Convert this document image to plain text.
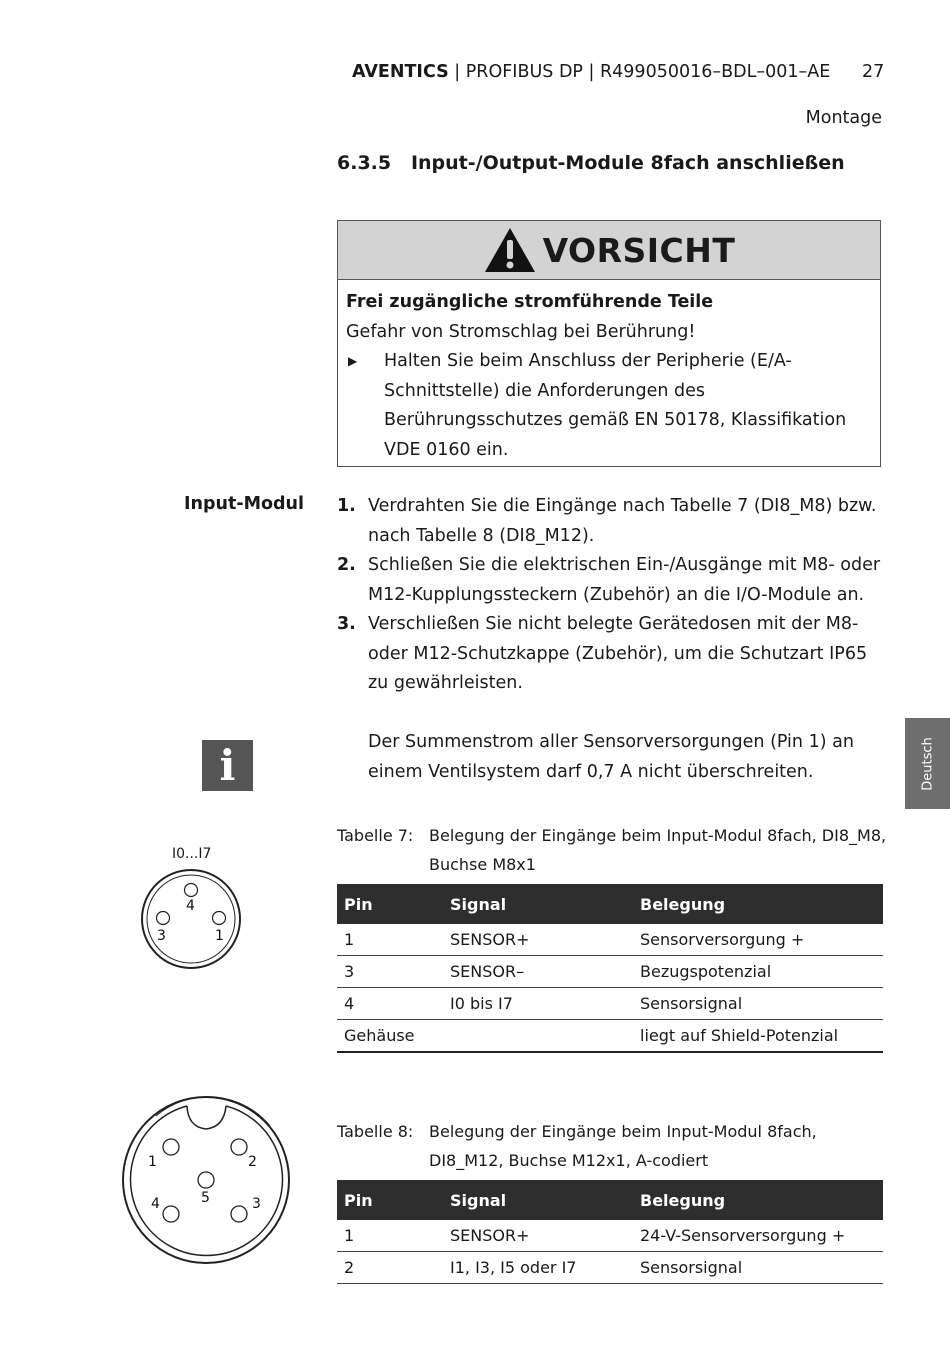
AVENTICS | PROFIBUS DP | R499050016–BDL–001–AE 27
Montage
6.3.5   Input-/Output-Module 8fach anschließen
VORSICHT
Frei zugängliche stromführende Teile
Gefahr von Stromschlag bei Berührung!
▶	Halten Sie beim Anschluss der Peripherie (E/A-Schnittstelle) die Anforderungen des Berührungsschutzes gemäß EN 50178, Klassifikation VDE 0160 ein.
Input-Modul 1. Verdrahten Sie die Eingänge nach Tabelle 7 (DI8_M8) bzw. nach Tabelle 8 (DI8_M12).
2. Schließen Sie die elektrischen Ein-/Ausgänge mit M8- oder M12-Kupplungssteckern (Zubehör) an die I/O-Module an.
3. Verschließen Sie nicht belegte Gerätedosen mit der M8- oder M12-Schutzkappe (Zubehör), um die Schutzart IP65 zu gewährleisten.
i	Der Summenstrom aller Sensorversorgungen (Pin 1) an einem Ventilsystem darf 0,7 A nicht überschreiten.	Deutsch
I0...I7
4
3	1
Tabelle 7: Belegung der Eingänge beim Input-Modul 8fach, DI8_M8, Buchse M8x1
Pin	Signal	Belegung
1	SENSOR+	Sensorversorgung +
3	SENSOR–	Bezugspotenzial
4	I0 bis I7	Sensorsignal
Gehäuse		liegt auf Shield-Potenzial
1	2
5
4	3
Tabelle 8: Belegung der Eingänge beim Input-Modul 8fach, DI8_M12, Buchse M12x1, A-codiert
Pin	Signal	Belegung
1	SENSOR+	24-V-Sensorversorgung +
2	I1, I3, I5 oder I7	Sensorsignal
